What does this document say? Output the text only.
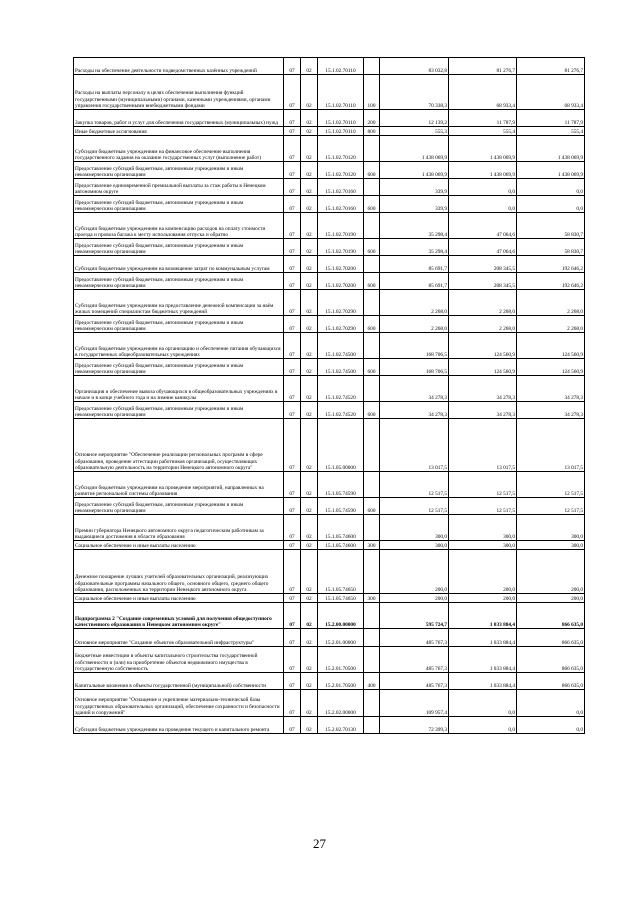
Расходы на обеспечение деятельности подведомственных казённых учреждений	07	02	15.1.02.70110		83 032,8	81 276,7	81 276,7
Расходы на выплаты персоналу в целях обеспечения выполнения функций государственными (муниципальными) органами, казенными учреждениями, органами управления государственными внебюджетными фондами	07	02	15.1.02.70110	100	70 338,3	68 933,4	68 933,4
Закупка товаров, работ и услуг для обеспечения государственных (муниципальных) нужд	07	02	15.1.02.70110	200	12 139,2	11 787,9	11 787,9
Иные бюджетные ассигнования	07	02	15.1.02.70110	800	555,3	555,4	555,4
Субсидии бюджетным учреждениям на финансовое обеспечение выполнения государственного задания на оказание государственных услуг (выполнение работ)	07	02	15.1.02.70120		1 438 069,9	1 438 069,9	1 438 069,9
Предоставление субсидий бюджетным, автономным учреждениям и иным некоммерческим организациям	07	02	15.1.02.70120	600	1 438 069,9	1 438 069,9	1 438 069,9
Предоставление единовременной премиальной выплаты за стаж работы в Ненецком автономном округе	07	02	15.1.02.70160		339,9	0,0	0,0
Предоставление субсидий бюджетным, автономным учреждениям и иным некоммерческим организациям	07	02	15.1.02.70160	600	339,9	0,0	0,0
Субсидии бюджетным учреждениям на компенсацию расходов на оплату стоимости проезда и провоза багажа к месту использования отпуска и обратно	07	02	15.1.02.70190		35 298,4	47 064,6	58 830,7
Предоставление субсидий бюджетным, автономным учреждениям и иным некоммерческим организациям	07	02	15.1.02.70190	600	35 298,4	47 064,6	58 830,7
Субсидии бюджетным учреждениям на возмещение затрат по коммунальным услугам	07	02	15.1.02.70200		85 691,7	208 345,5	192 646,2
Предоставление субсидий бюджетным, автономным учреждениям и иным некоммерческим организациям	07	02	15.1.02.70200	600	85 691,7	208 345,5	192 646,2
Субсидии бюджетным учреждениям на предоставление денежной компенсации за наём жилых помещений специалистам бюджетных учреждений	07	02	15.1.02.70290		2 268,0	2 268,0	2 268,0
Предоставление субсидий бюджетным, автономным учреждениям и иным некоммерческим организациям	07	02	15.1.02.70290	600	2 268,0	2 268,0	2 268,0
Субсидии бюджетным учреждениям на организацию и обеспечение питания обучающихся в государственных общеобразовательных учреждениях	07	02	15.1.02.74500		168 706,5	124 560,9	124 560,9
Предоставление субсидий бюджетным, автономным учреждениям и иным некоммерческим организациям	07	02	15.1.02.74500	600	168 706,5	124 560,9	124 560,9
Организация и обеспечение вывоза обучающихся в общеобразовательных учреждениях в начале и в конце учебного года и на зимние каникулы	07	02	15.1.02.74520		34 278,3	34 278,3	34 278,3
Предоставление субсидий бюджетным, автономным учреждениям и иным некоммерческим организациям	07	02	15.1.02.74520	600	34 278,3	34 278,3	34 278,3
Основное мероприятие "Обеспечение реализации региональных программ в сфере образования, проведение аттестации работников организаций, осуществляющих образовательную деятельность на территории Ненецкого автономного округа"	07	02	15.1.05.00000		13 017,5	13 017,5	13 017,5
Субсидии бюджетным учреждениям на проведение мероприятий, направленных на развитие региональной системы образования	07	02	15.1.05.74590		12 517,5	12 517,5	12 517,5
Предоставление субсидий бюджетным, автономным учреждениям и иным некоммерческим организациям	07	02	15.1.05.74590	600	12 517,5	12 517,5	12 517,5
Премии губернатора Ненецкого автономного округа педагогическим работникам за выдающиеся достижения в области образования	07	02	15.1.05.74600		300,0	300,0	300,0
Социальное обеспечение и иные выплаты населению	07	02	15.1.05.74600	300	300,0	300,0	300,0
Денежное поощрение лучших учителей образовательных организаций, реализующих образовательные программы начального общего, основного общего, среднего общего образования, расположенных на территории Ненецкого автономного округа	07	02	15.1.05.74650		200,0	200,0	200,0
Социальное обеспечение и иные выплаты населению	07	02	15.1.05.74650	300	200,0	200,0	200,0
Подпрограмма 2 "Создание современных условий для получения общедоступного качественного образования в Ненецком автономном округе"	07	02	15.2.00.00000		595 724,7	1 033 884,4	866 635,0
Основное мероприятие "Создание объектов образовательной инфраструктуры"	07	02	15.2.01.00000		485 767,3	1 033 884,4	866 635,0
Бюджетные инвестиции в объекты капитального строительства государственной собственности и (или) на приобретение объектов недвижимого имущества в государственную собственность	07	02	15.2.01.70500		485 767,3	1 033 884,4	866 635,0
Капитальные вложения в объекты государственной (муниципальной) собственности	07	02	15.2.01.70500	400	485 767,3	1 033 884,4	866 635,0
Основное мероприятие "Оснащение и укрепление материально-технической базы государственных образовательных организаций, обеспечение сохранности и безопасности зданий и сооружений"	07	02	15.2.02.00000		109 957,4	0,0	0,0
Субсидии бюджетным учреждениям на проведение текущего и капитального ремонта	07	02	15.2.02.70130		72 399,3	0,0	0,0
27
